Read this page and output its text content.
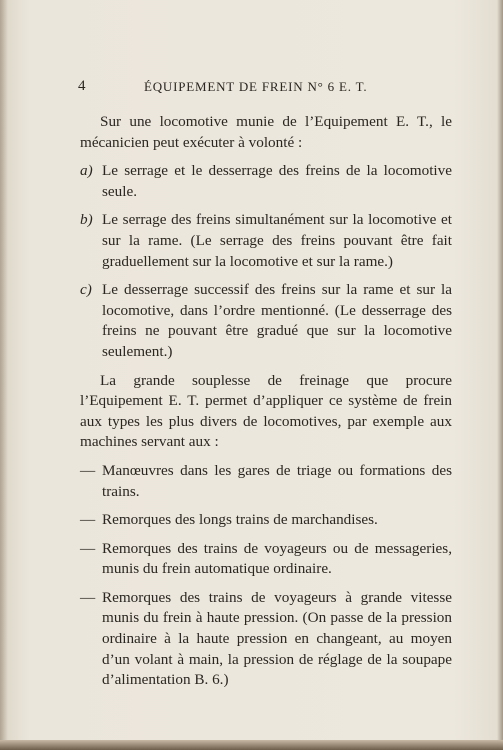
4	ÉQUIPEMENT DE FREIN N° 6 E. T.

Sur une locomotive munie de l’Equipement E. T., le mécanicien peut exécuter à volonté :

a) Le serrage et le desserrage des freins de la locomotive seule.

b) Le serrage des freins simultanément sur la locomotive et sur la rame. (Le serrage des freins pouvant être fait graduellement sur la locomotive et sur la rame.)

c) Le desserrage successif des freins sur la rame et sur la locomotive, dans l’ordre mentionné. (Le desserrage des freins ne pouvant être gradué que sur la locomotive seulement.)

La grande souplesse de freinage que procure l’Equipement E. T. permet d’appliquer ce système de frein aux types les plus divers de locomotives, par exemple aux machines servant aux :

— Manœuvres dans les gares de triage ou formations des trains.

— Remorques des longs trains de marchandises.

— Remorques des trains de voyageurs ou de messageries, munis du frein automatique ordinaire.

— Remorques des trains de voyageurs à grande vitesse munis du frein à haute pression. (On passe de la pression ordinaire à la haute pression en changeant, au moyen d’un volant à main, la pression de réglage de la soupape d’alimentation B. 6.)
